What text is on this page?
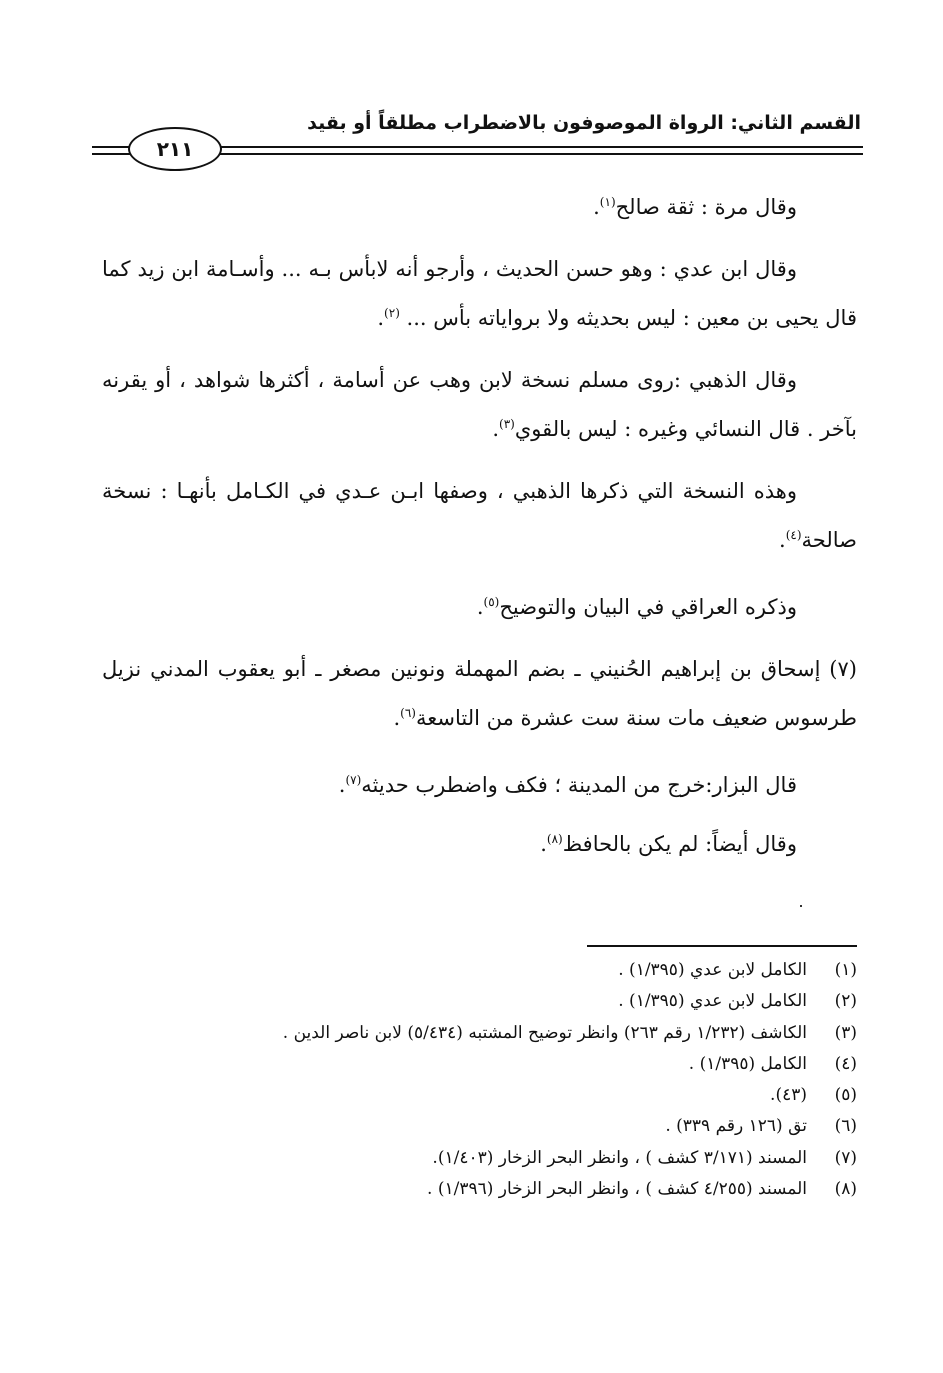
القسم الثاني: الرواة الموصوفون بالاضطراب مطلقاً أو بقيد
٢١١

وقال مرة : ثقة صالح$^{(١)}$.

وقال ابن عدي : وهو حسن الحديث ، وأرجو أنه لابأس بـه ... وأسـامة ابن زيد كما قال يحيى بن معين : ليس بحديثه ولا برواياته بأس ... $^{(٢)}$.

وقال الذهبي :روى مسلم نسخة لابن وهب عن أسامة ، أكثرها شواهد ، أو يقرنه بآخر . قال النسائي وغيره : ليس بالقوي$^{(٣)}$.

وهذه النسخة التي ذكرها الذهبي ، وصفها ابـن عـدي في الكـامل بأنهـا : نسخة صالحة$^{(٤)}$.

وذكره العراقي في البيان والتوضيح$^{(٥)}$.

(٧) إسحاق بن إبراهيم الحُنيني ـ بضم المهملة ونونين مصغر ـ أبو يعقوب المدني نزيل طرسوس ضعيف مات سنة ست عشرة من التاسعة$^{(٦)}$.

قال البزار:خرج من المدينة ؛ فكف واضطرب حديثه$^{(٧)}$.

وقال أيضاً: لم يكن بالحافظ$^{(٨)}$.

(١)
الكامل لابن عدي (١/٣٩٥) .
(٢)
الكامل لابن عدي (١/٣٩٥) .
(٣)
الكاشف (١/٢٣٢ رقم ٢٦٣) وانظر توضيح المشتبه (٥/٤٣٤) لابن ناصر الدين .
(٤)
الكامل (١/٣٩٥) .
(٥)
(٤٣).
(٦)
تق (١٢٦ رقم ٣٣٩) .
(٧)
المسند (٣/١٧١ كشف ) ، وانظر البحر الزخار (١/٤٠٣).
(٨)
المسند (٤/٢٥٥ كشف ) ، وانظر البحر الزخار (١/٣٩٦) .
